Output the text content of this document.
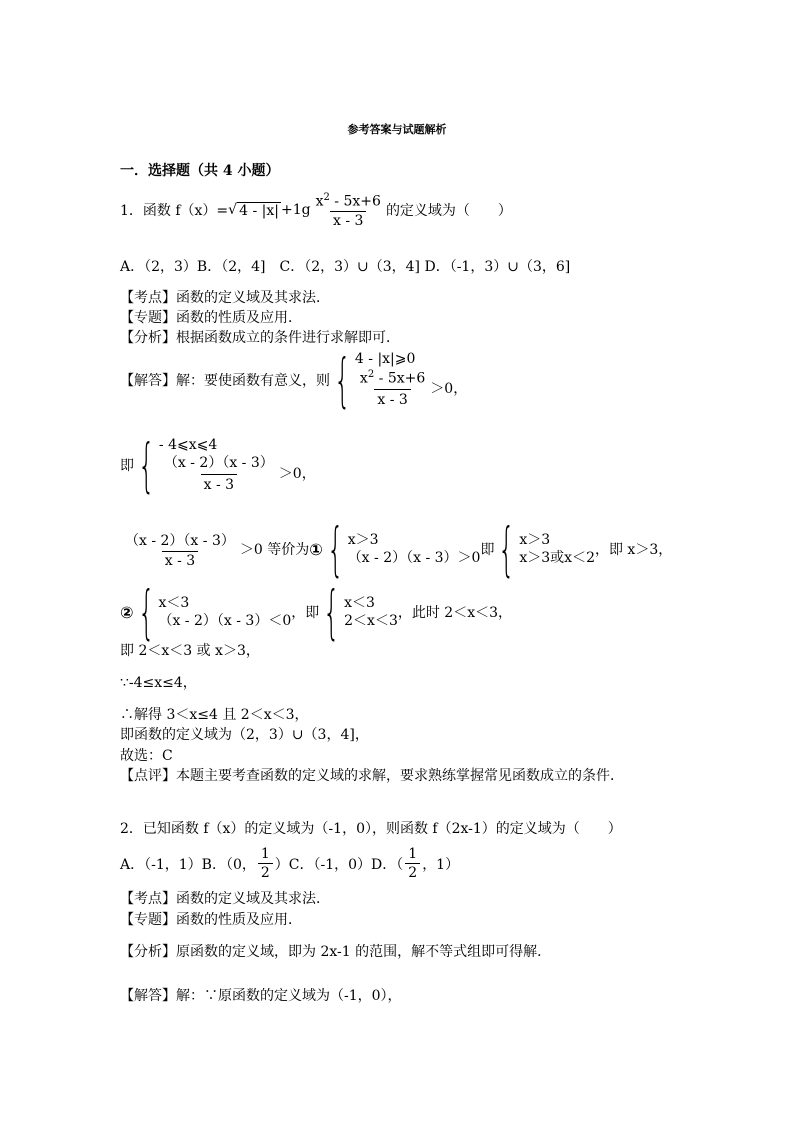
参考答案与试题解析
一．选择题（共 4 小题）
1．函数 f（x）= √ $4 - |x| +1g \frac{x^2 - 5x+6}{x - 3}$ 的定义域为（　　）
A．（2，3）B．（2，4]　C．（2，3）∪（3，4] D．（-1，3）∪（3，6]
【考点】函数的定义域及其求法．
【专题】函数的性质及应用．
【分析】根据函数成立的条件进行求解即可．
【解答】 解：要使函数有意义，则 { 4 - |x|⩾0
$\frac{x^2 - 5x+6}{x - 3} >0$ ，
即 { - 4⩽x⩽4
$\frac{(x - 2)(x - 3)}{x - 3} >0$ ，
$\frac{(x - 2)(x - 3)}{x - 3} >0$ 等价为 ① { x＞3
（x - 2）（x - 3）＞0 即 { x＞3
x＞3或x＜2 ，即 x＞3，
② { x＜3
（x - 2）（x - 3）＜0 ，即 { x＜3
2＜x＜3 ，此时 2＜x＜3，
即 2＜x＜3 或 x＞3，
∵-4≤x≤4，
∴解得 3＜x≤4 且 2＜x＜3，
即函数的定义域为（2，3）∪（3，4]，
故选：C
【点评】本题主要考查函数的定义域的求解，要求熟练掌握常见函数成立的条件．
2．已知函数 f（x）的定义域为（-1，0），则函数 f（2x-1）的定义域为（　　）
A．（-1，1）B．（0， $\frac{1}{2} )C$．（-1，0）D．（ $\frac{1}{2}$ ，1）
【考点】函数的定义域及其求法．
【专题】函数的性质及应用．
【分析】原函数的定义域，即为 2x-1 的范围，解不等式组即可得解．
【解答】解：∵原函数的定义域为（-1，0），
